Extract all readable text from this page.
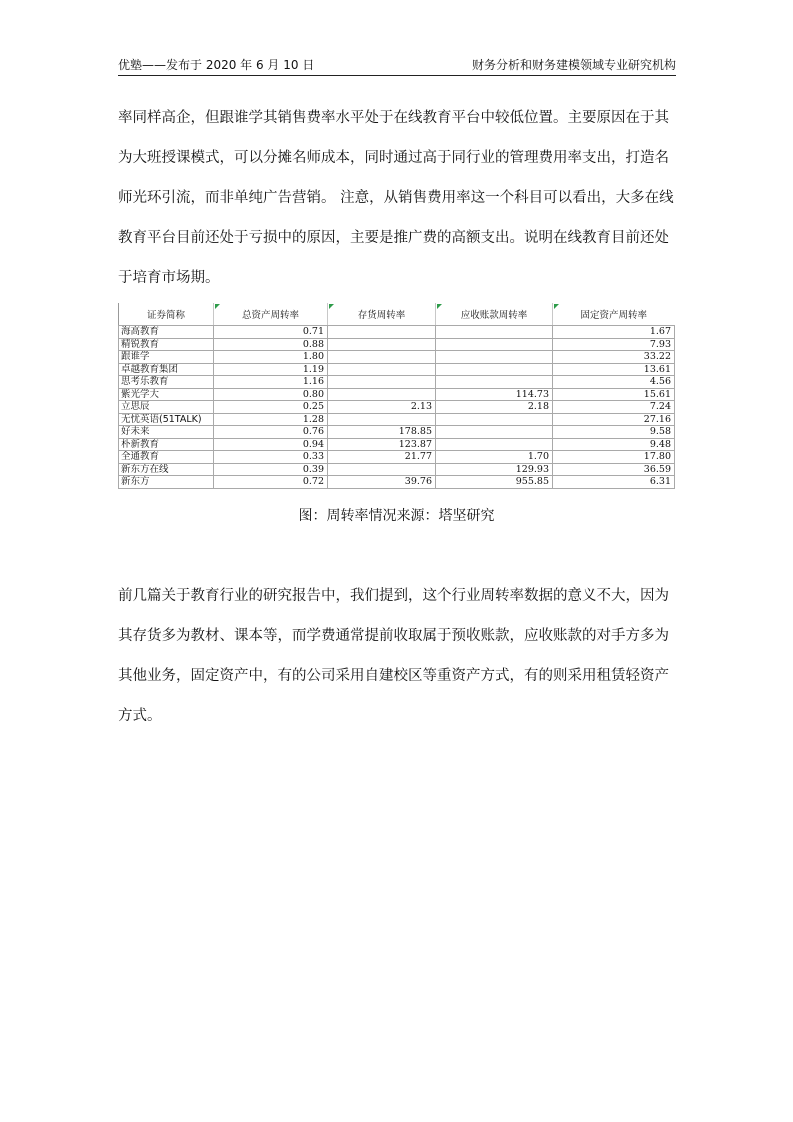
优塾——发布于 2020 年 6 月 10 日	财务分析和财务建模领域专业研究机构
率同样高企，但跟谁学其销售费率水平处于在线教育平台中较低位置。主要原因在于其
为大班授课模式，可以分摊名师成本，同时通过高于同行业的管理费用率支出，打造名
师光环引流，而非单纯广告营销。 注意，从销售费用率这一个科目可以看出，大多在线
教育平台目前还处于亏损中的原因，主要是推广费的高额支出。说明在线教育目前还处
于培育市场期。
证券简称	总资产周转率	存货周转率	应收账款周转率	固定资产周转率
海高教育	0.71			1.67
精锐教育	0.88			7.93
跟谁学	1.80			33.22
卓越教育集团	1.19			13.61
思考乐教育	1.16			4.56
紫光学大	0.80		114.73	15.61
立思辰	0.25	2.13	2.18	7.24
无忧英语(51TALK)	1.28			27.16
好未来	0.76	178.85		9.58
朴新教育	0.94	123.87		9.48
全通教育	0.33	21.77	1.70	17.80
新东方在线	0.39		129.93	36.59
新东方	0.72	39.76	955.85	6.31
图：周转率情况来源：塔坚研究
前几篇关于教育行业的研究报告中，我们提到，这个行业周转率数据的意义不大，因为
其存货多为教材、课本等，而学费通常提前收取属于预收账款，应收账款的对手方多为
其他业务，固定资产中，有的公司采用自建校区等重资产方式，有的则采用租赁轻资产
方式。
